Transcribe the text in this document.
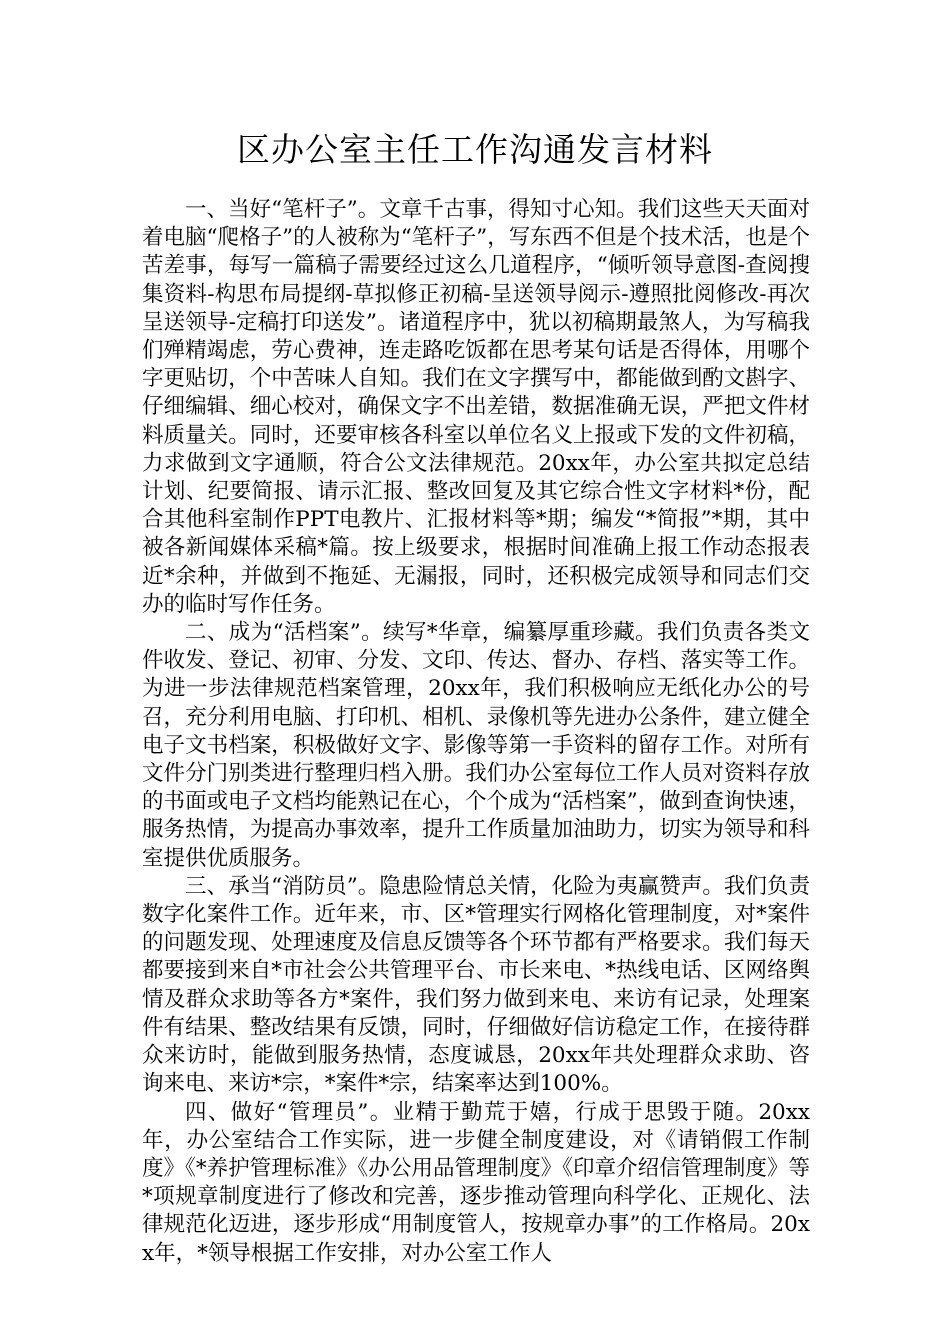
区办公室主任工作沟通发言材料

一、当好“笔杆子”。文章千古事，得知寸心知。我们这些天天面对着电脑“爬格子”的人被称为“笔杆子”，写东西不但是个技术活，也是个苦差事，每写一篇稿子需要经过这么几道程序，“倾听领导意图-查阅搜集资料-构思布局提纲-草拟修正初稿-呈送领导阅示-遵照批阅修改-再次呈送领导-定稿打印送发”。诸道程序中，犹以初稿期最煞人，为写稿我们殚精竭虑，劳心费神，连走路吃饭都在思考某句话是否得体，用哪个字更贴切，个中苦味人自知。我们在文字撰写中，都能做到酌文斟字、仔细编辑、细心校对，确保文字不出差错，数据准确无误，严把文件材料质量关。同时，还要审核各科室以单位名义上报或下发的文件初稿，力求做到文字通顺，符合公文法律规范。20xx年，办公室共拟定总结计划、纪要简报、请示汇报、整改回复及其它综合性文字材料*份，配合其他科室制作PPT电教片、汇报材料等*期；编发“*简报”*期，其中被各新闻媒体采稿*篇。按上级要求，根据时间准确上报工作动态报表近*余种，并做到不拖延、无漏报，同时，还积极完成领导和同志们交办的临时写作任务。

二、成为“活档案”。续写*华章，编纂厚重珍藏。我们负责各类文件收发、登记、初审、分发、文印、传达、督办、存档、落实等工作。为进一步法律规范档案管理，20xx年，我们积极响应无纸化办公的号召，充分利用电脑、打印机、相机、录像机等先进办公条件，建立健全电子文书档案，积极做好文字、影像等第一手资料的留存工作。对所有文件分门别类进行整理归档入册。我们办公室每位工作人员对资料存放的书面或电子文档均能熟记在心，个个成为“活档案”，做到查询快速，服务热情，为提高办事效率，提升工作质量加油助力，切实为领导和科室提供优质服务。

三、承当“消防员”。隐患险情总关情，化险为夷赢赞声。我们负责数字化案件工作。近年来，市、区*管理实行网格化管理制度，对*案件的问题发现、处理速度及信息反馈等各个环节都有严格要求。我们每天都要接到来自*市社会公共管理平台、市长来电、*热线电话、区网络舆情及群众求助等各方*案件，我们努力做到来电、来访有记录，处理案件有结果、整改结果有反馈，同时，仔细做好信访稳定工作，在接待群众来访时，能做到服务热情，态度诚恳，20xx年共处理群众求助、咨询来电、来访*宗，*案件*宗，结案率达到100%。

四、做好“管理员”。业精于勤荒于嬉，行成于思毁于随。20xx年，办公室结合工作实际，进一步健全制度建设，对《请销假工作制度》《*养护管理标准》《办公用品管理制度》《印章介绍信管理制度》等*项规章制度进行了修改和完善，逐步推动管理向科学化、正规化、法律规范化迈进，逐步形成“用制度管人，按规章办事”的工作格局。20xx年，*领导根据工作安排，对办公室工作人
